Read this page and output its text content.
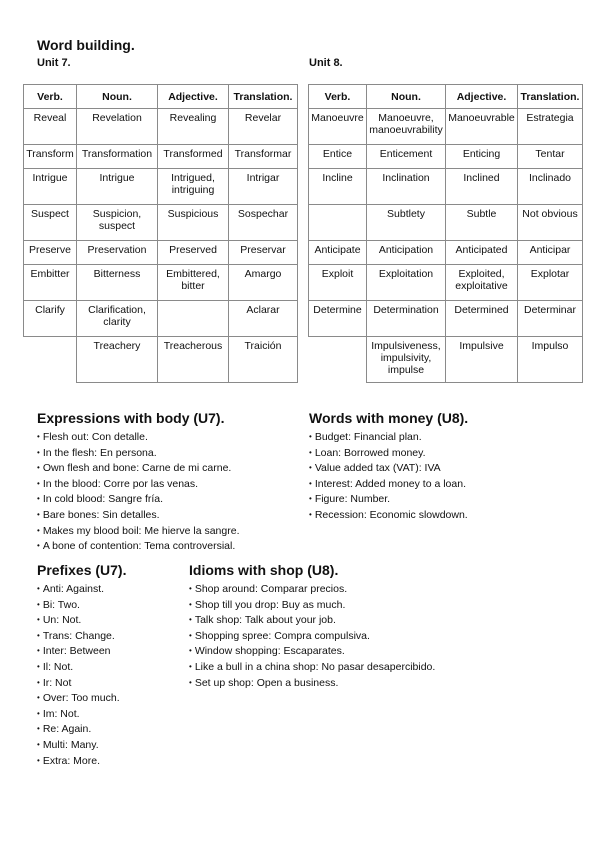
Word building.
Unit 7.	Unit 8.
Verb.	Noun.	Adjective.	Translation.
Reveal	Revelation	Revealing	Revelar
Transform	Transformation	Transformed	Transformar
Intrigue	Intrigue	Intrigued, intriguing	Intrigar
Suspect	Suspicion, suspect	Suspicious	Sospechar
Preserve	Preservation	Preserved	Preservar
Embitter	Bitterness	Embittered, bitter	Amargo
Clarify	Clarification, clarity		Aclarar
	Treachery	Treacherous	Traición
Verb.	Noun.	Adjective.	Translation.
Manoeuvre	Manoeuvre, manoeuvrability	Manoeuvrable	Estrategia
Entice	Enticement	Enticing	Tentar
Incline	Inclination	Inclined	Inclinado
	Subtlety	Subtle	Not obvious
Anticipate	Anticipation	Anticipated	Anticipar
Exploit	Exploitation	Exploited, exploitative	Explotar
Determine	Determination	Determined	Determinar
	Impulsiveness, impulsivity, impulse	Impulsive	Impulso
Expressions with body (U7).
• Flesh out: Con detalle.
• In the flesh: En persona.
• Own flesh and bone: Carne de mi carne.
• In the blood: Corre por las venas.
• In cold blood: Sangre fría.
• Bare bones: Sin detalles.
• Makes my blood boil: Me hierve la sangre.
• A bone of contention: Tema controversial.
Words with money (U8).
• Budget: Financial plan.
• Loan: Borrowed money.
• Value added tax (VAT): IVA
• Interest: Added money to a loan.
• Figure: Number.
• Recession: Economic slowdown.
Prefixes (U7).
• Anti: Against.
• Bi: Two.
• Un: Not.
• Trans: Change.
• Inter: Between
• Il: Not.
• Ir: Not
• Over: Too much.
• Im: Not.
• Re: Again.
• Multi: Many.
• Extra: More.
Idioms with shop (U8).
• Shop around: Comparar precios.
• Shop till you drop: Buy as much.
• Talk shop: Talk about your job.
• Shopping spree: Compra compulsiva.
• Window shopping: Escaparates.
• Like a bull in a china shop: No pasar desapercibido.
• Set up shop: Open a business.
